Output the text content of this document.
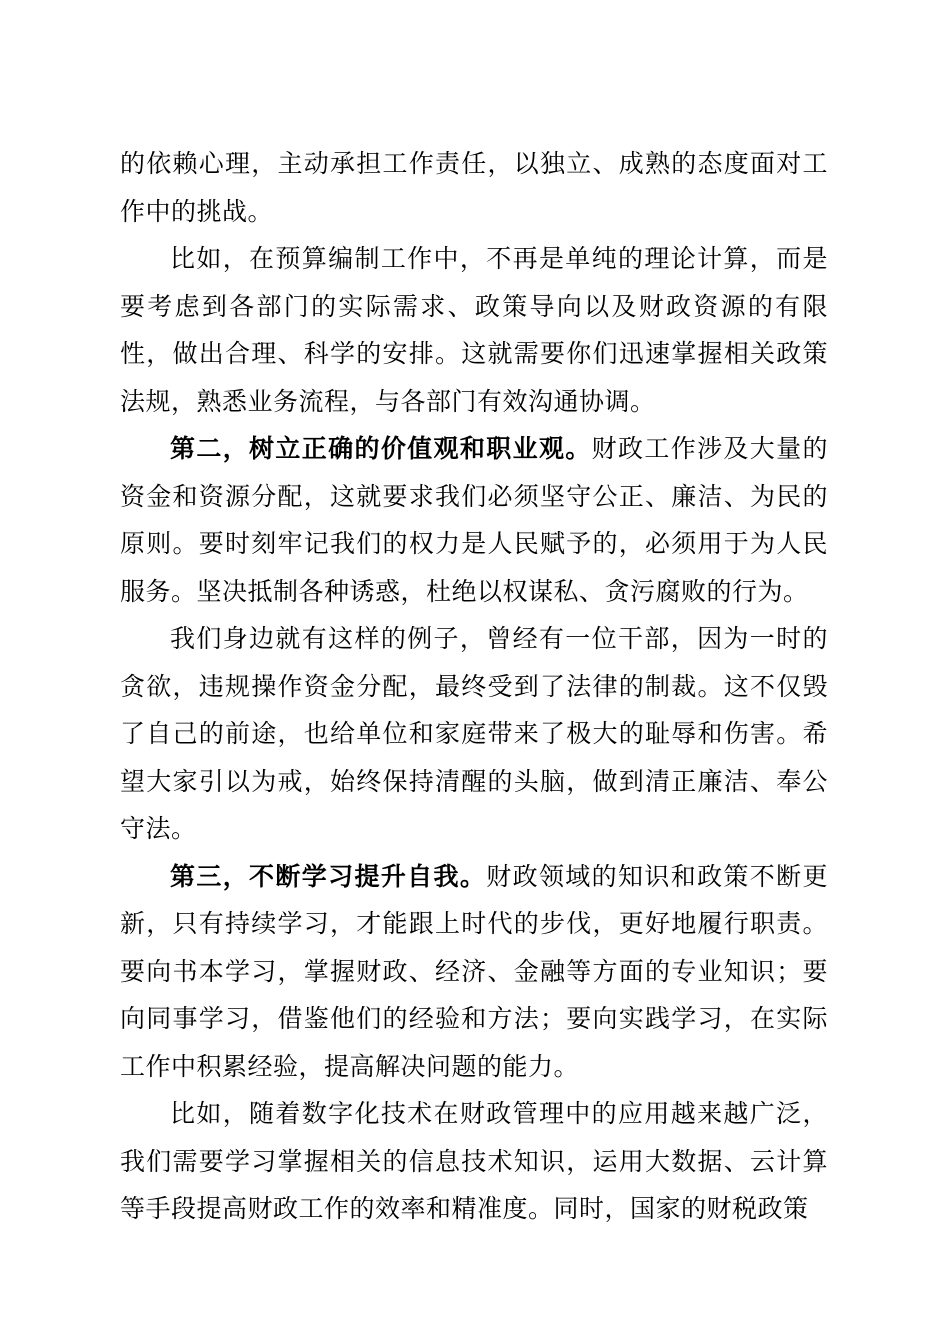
的依赖心理，主动承担工作责任，以独立、成熟的态度面对工作中的挑战。

比如，在预算编制工作中，不再是单纯的理论计算，而是要考虑到各部门的实际需求、政策导向以及财政资源的有限性，做出合理、科学的安排。这就需要你们迅速掌握相关政策法规，熟悉业务流程，与各部门有效沟通协调。

第二，树立正确的价值观和职业观。财政工作涉及大量的资金和资源分配，这就要求我们必须坚守公正、廉洁、为民的原则。要时刻牢记我们的权力是人民赋予的，必须用于为人民服务。坚决抵制各种诱惑，杜绝以权谋私、贪污腐败的行为。

我们身边就有这样的例子，曾经有一位干部，因为一时的贪欲，违规操作资金分配，最终受到了法律的制裁。这不仅毁了自己的前途，也给单位和家庭带来了极大的耻辱和伤害。希望大家引以为戒，始终保持清醒的头脑，做到清正廉洁、奉公守法。

第三，不断学习提升自我。财政领域的知识和政策不断更新，只有持续学习，才能跟上时代的步伐，更好地履行职责。要向书本学习，掌握财政、经济、金融等方面的专业知识；要向同事学习，借鉴他们的经验和方法；要向实践学习，在实际工作中积累经验，提高解决问题的能力。

比如，随着数字化技术在财政管理中的应用越来越广泛，我们需要学习掌握相关的信息技术知识，运用大数据、云计算等手段提高财政工作的效率和精准度。同时，国家的财税政策
